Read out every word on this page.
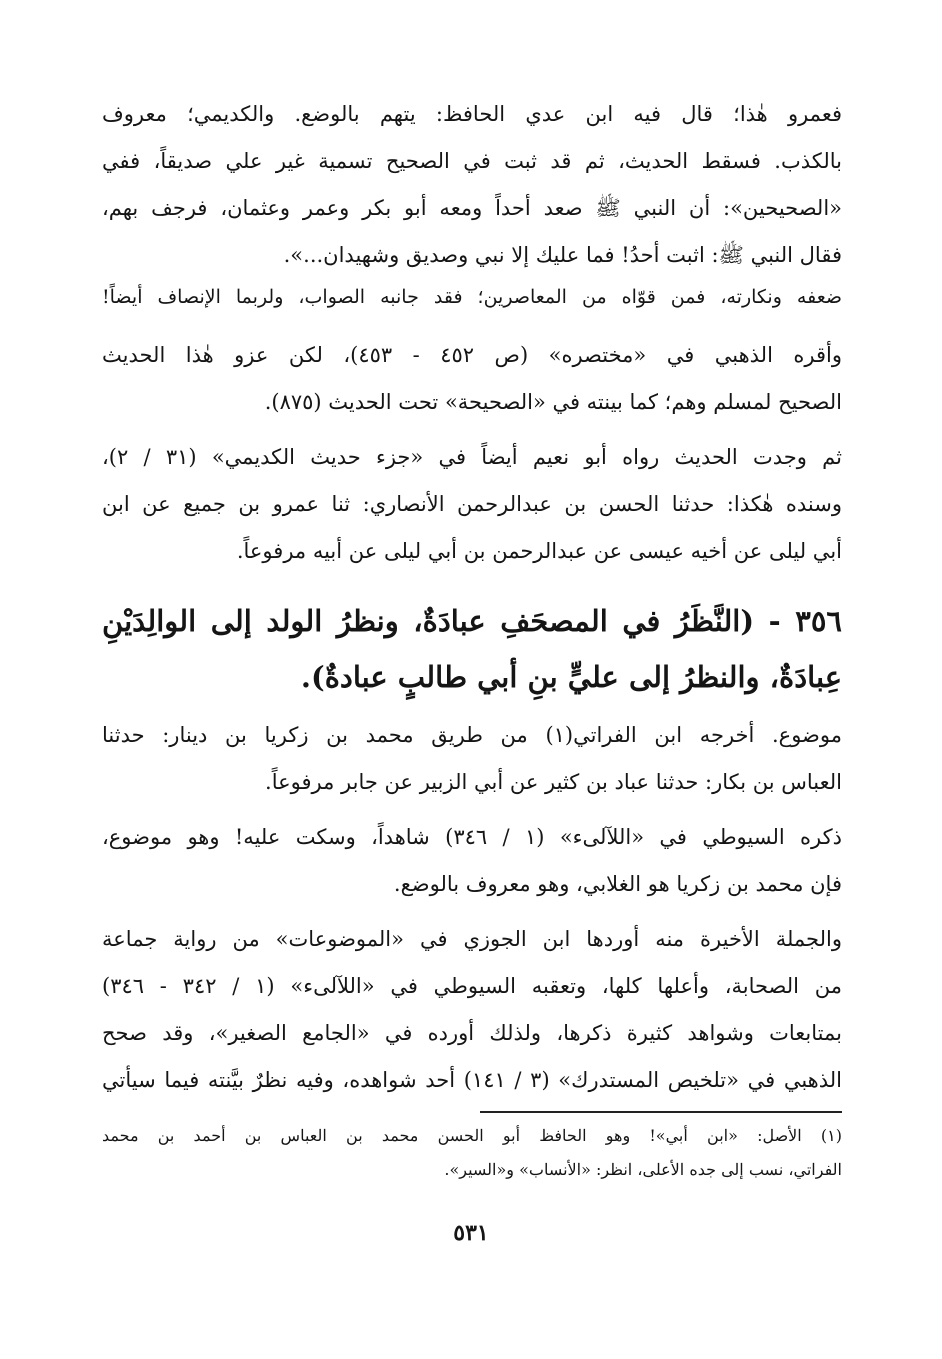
فعمرو هٰذا؛ قال فيه ابن عدي الحافظ: يتهم بالوضع. والكديمي؛ معروف
بالكذب. فسقط الحديث، ثم قد ثبت في الصحيح تسمية غير علي صديقاً، ففي
«الصحيحين»: أن النبي ﷺ صعد أحداً ومعه أبو بكر وعمر وعثمان، فرجف بهم،
فقال النبي ﷺ: اثبت أحدُ! فما عليك إلا نبي وصديق وشهيدان...».
ضعفه ونكارته، فمن قوّاه من المعاصرين؛ فقد جانبه الصواب، ولربما الإنصاف أيضاً!
وأقره الذهبي في «مختصره» (ص ٤٥٢ - ٤٥٣)، لكن عزو هٰذا الحديث
الصحيح لمسلم وهم؛ كما بينته في «الصحيحة» تحت الحديث (٨٧٥).
ثم وجدت الحديث رواه أبو نعيم أيضاً في «جزء حديث الكديمي» (٣١ / ٢)،
وسنده هٰكذا: حدثنا الحسن بن عبدالرحمن الأنصاري: ثنا عمرو بن جميع عن ابن
أبي ليلى عن أخيه عيسى عن عبدالرحمن بن أبي ليلى عن أبيه مرفوعاً.
٣٥٦ - (النَّظَرُ في المصحَفِ عبادَةٌ، ونظرُ الولد إلى الوالِدَيْنِ
عِبادَةٌ، والنظرُ إلى عليٍّ بنِ أبي طالبٍ عبادةٌ).
موضوع. أخرجه ابن الفراتي(١) من طريق محمد بن زكريا بن دينار: حدثنا
العباس بن بكار: حدثنا عباد بن كثير عن أبي الزبير عن جابر مرفوعاً.
ذكره السيوطي في «اللآلىء» (١ / ٣٤٦) شاهداً، وسكت عليه! وهو موضوع،
فإن محمد بن زكريا هو الغلابي، وهو معروف بالوضع.
والجملة الأخيرة منه أوردها ابن الجوزي في «الموضوعات» من رواية جماعة
من الصحابة، وأعلها كلها، وتعقبه السيوطي في «اللآلىء» (١ / ٣٤٢ - ٣٤٦)
بمتابعات وشواهد كثيرة ذكرها، ولذلك أورده في «الجامع الصغير»، وقد صحح
الذهبي في «تلخيص المستدرك» (٣ / ١٤١) أحد شواهده، وفيه نظرٌ بيَّنته فيما سيأتي
(١) الأصل: «ابن أبي»! وهو الحافظ أبو الحسن محمد بن العباس بن أحمد بن محمد
الفراتي، نسب إلى جده الأعلى، انظر: «الأنساب» و«السير».
٥٣١
